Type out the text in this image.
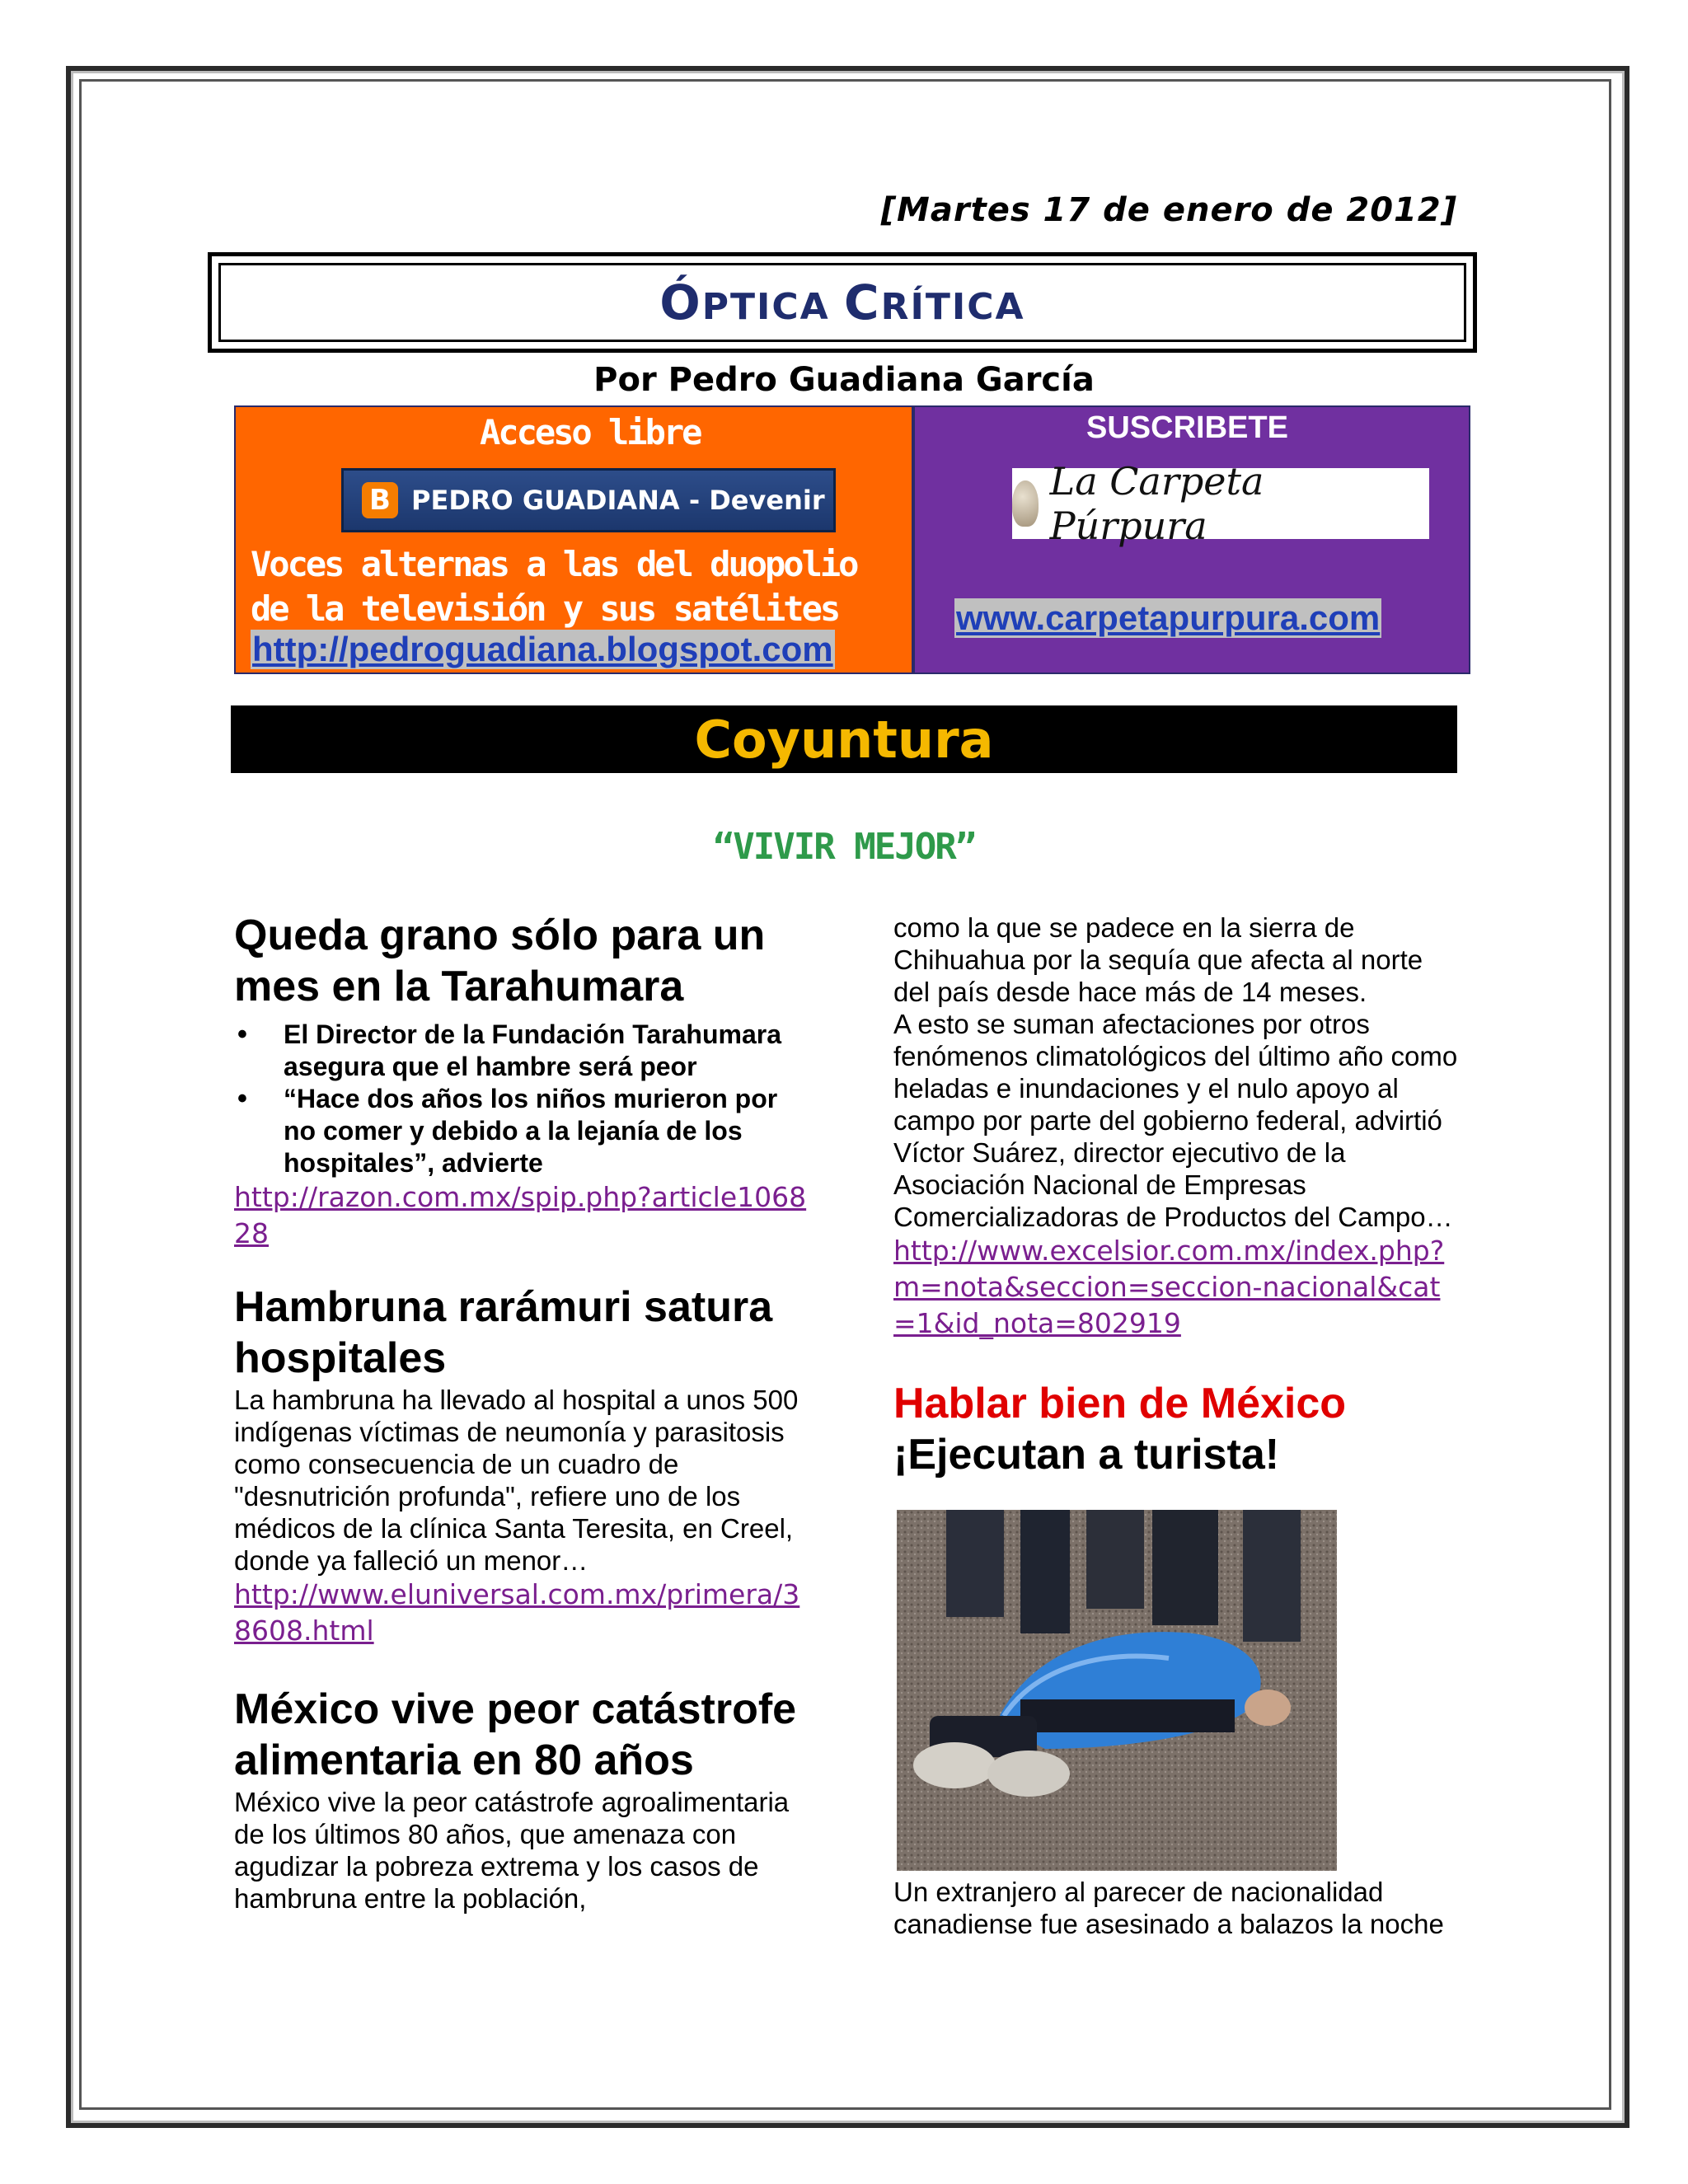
[Martes 17 de enero de 2012]
ÓPTICA CRÍTICA
Por Pedro Guadiana García
Acceso libre
B PEDRO GUADIANA - Devenir
Voces alternas a las del duopolio de la televisión y sus satélites
http://pedroguadiana.blogspot.com
SUSCRIBETE
La Carpeta Púrpura
www.carpetapurpura.com
Coyuntura
“VIVIR MEJOR”
Queda grano sólo para un mes en la Tarahumara
• El Director de la Fundación Tarahumara asegura que el hambre será peor
• “Hace dos años los niños murieron por no comer y debido a la lejanía de los hospitales”, advierte
http://razon.com.mx/spip.php?article106828
Hambruna rarámuri satura hospitales

La hambruna ha llevado al hospital a unos 500 indígenas víctimas de neumonía y parasitosis como consecuencia de un cuadro de "desnutrición profunda", refiere uno de los médicos de la clínica Santa Teresita, en Creel, donde ya falleció un menor…

http://www.eluniversal.com.mx/primera/38608.html
México vive peor catástrofe alimentaria en 80 años

México vive la peor catástrofe agroalimentaria de los últimos 80 años, que amenaza con agudizar la pobreza extrema y los casos de hambruna entre la población,

como la que se padece en la sierra de Chihuahua por la sequía que afecta al norte del país desde hace más de 14 meses.

A esto se suman afectaciones por otros fenómenos climatológicos del último año como heladas e inundaciones y el nulo apoyo al campo por parte del gobierno federal, advirtió Víctor Suárez, director ejecutivo de la Asociación Nacional de Empresas Comercializadoras de Productos del Campo…

http://www.excelsior.com.mx/index.php?m=nota&seccion=seccion-nacional&cat=1&id_nota=802919
Hablar bien de México
¡Ejecutan a turista!

Un extranjero al parecer de nacionalidad canadiense fue asesinado a balazos la noche
